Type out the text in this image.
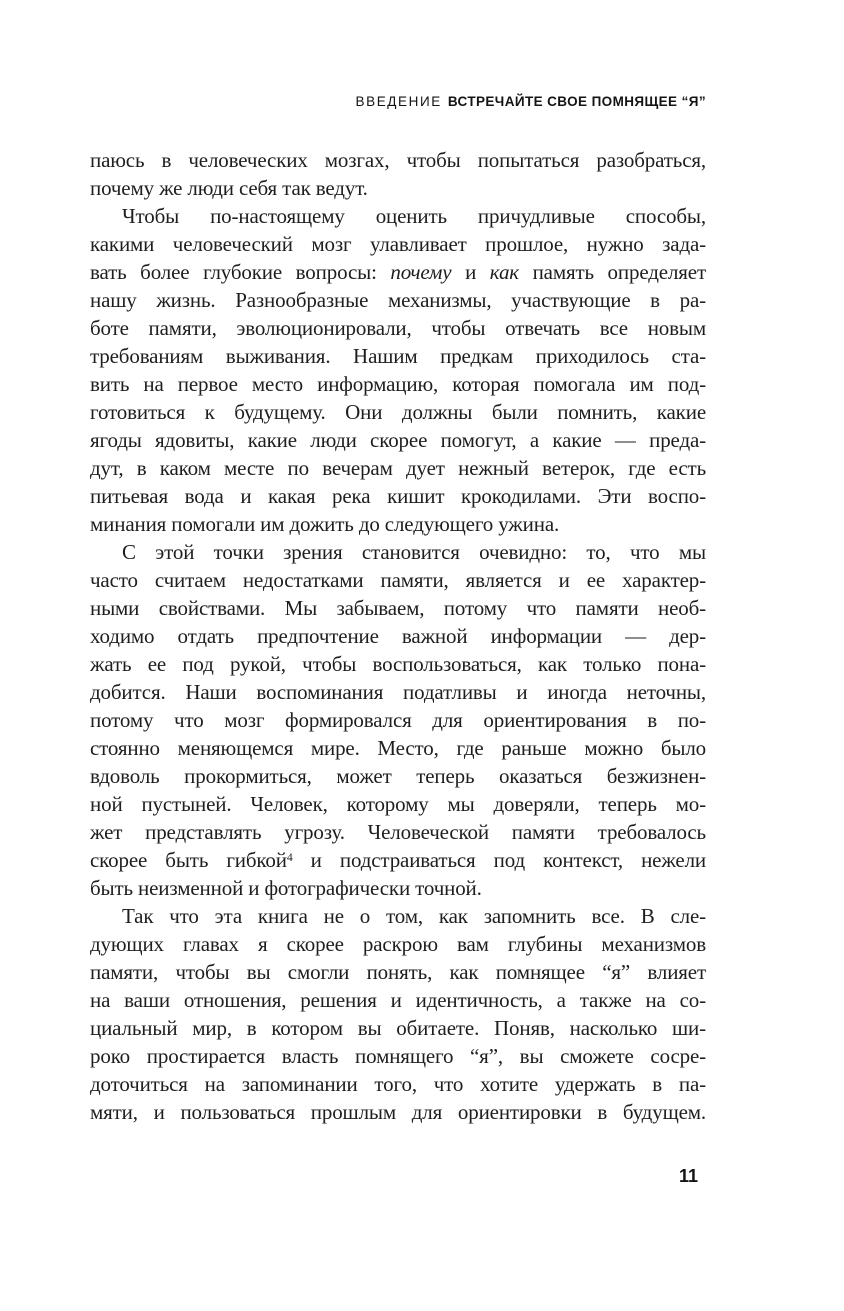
ВВЕДЕНИЕ ВСТРЕЧАЙТЕ СВОЕ ПОМНЯЩЕЕ “Я”
паюсь в человеческих мозгах, чтобы попытаться разобраться,
почему же люди себя так ведут.
Чтобы по-настоящему оценить причудливые способы,
какими человеческий мозг улавливает прошлое, нужно зада-
вать более глубокие вопросы: почему и как память определяет
нашу жизнь. Разнообразные механизмы, участвующие в ра-
боте памяти, эволюционировали, чтобы отвечать все новым
требованиям выживания. Нашим предкам приходилось ста-
вить на первое место информацию, которая помогала им под-
готовиться к будущему. Они должны были помнить, какие
ягоды ядовиты, какие люди скорее помогут, а какие — преда-
дут, в каком месте по вечерам дует нежный ветерок, где есть
питьевая вода и какая река кишит крокодилами. Эти воспо-
минания помогали им дожить до следующего ужина.
С этой точки зрения становится очевидно: то, что мы
часто считаем недостатками памяти, является и ее характер-
ными свойствами. Мы забываем, потому что памяти необ-
ходимо отдать предпочтение важной информации — дер-
жать ее под рукой, чтобы воспользоваться, как только пона-
добится. Наши воспоминания податливы и иногда неточны,
потому что мозг формировался для ориентирования в по-
стоянно меняющемся мире. Место, где раньше можно было
вдоволь прокормиться, может теперь оказаться безжизнен-
ной пустыней. Человек, которому мы доверяли, теперь мо-
жет представлять угрозу. Человеческой памяти требовалось
скорее быть гибкой$^4$ и подстраиваться под контекст, нежели
быть неизменной и фотографически точной.
Так что эта книга не о том, как запомнить все. В сле-
дующих главах я скорее раскрою вам глубины механизмов
памяти, чтобы вы смогли понять, как помнящее “я” влияет
на ваши отношения, решения и идентичность, а также на со-
циальный мир, в котором вы обитаете. Поняв, насколько ши-
роко простирается власть помнящего “я”, вы сможете сосре-
доточиться на запоминании того, что хотите удержать в па-
мяти, и пользоваться прошлым для ориентировки в будущем.
11
